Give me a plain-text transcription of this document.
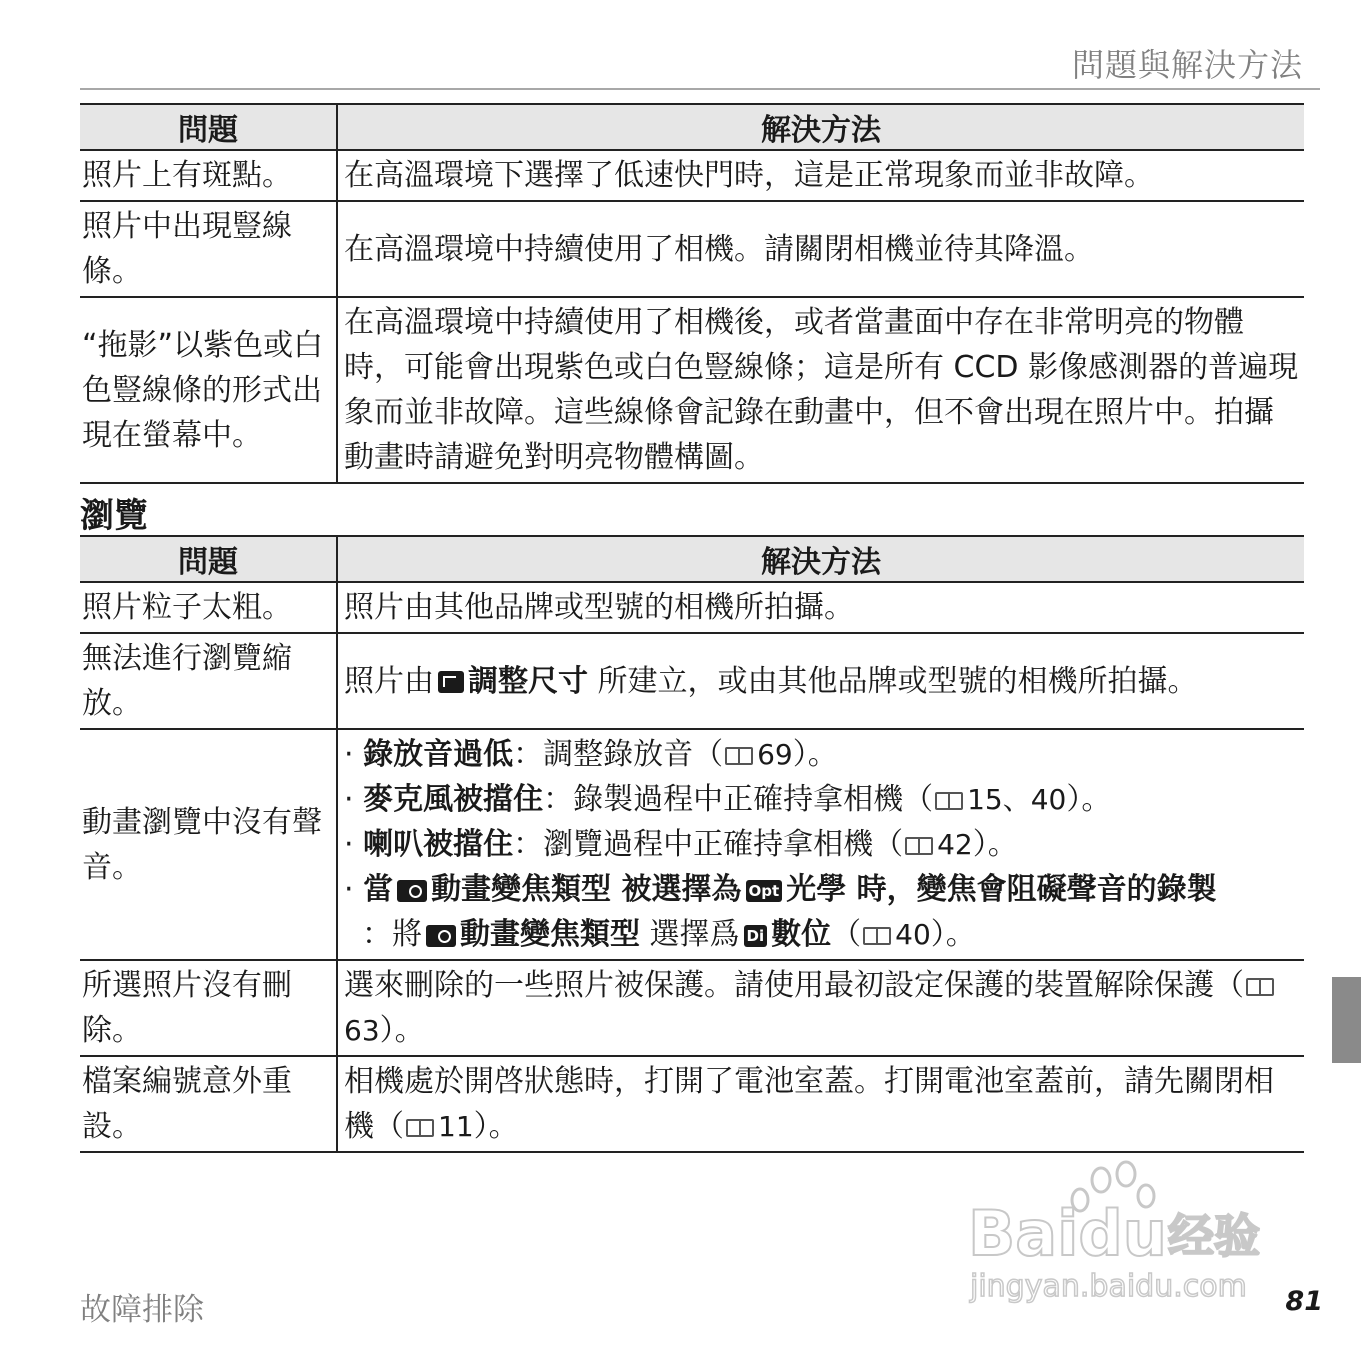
問題與解決方法
問題	解決方法
照片上有斑點。	在高溫環境下選擇了低速快門時，這是正常現象而並非故障。
照片中出現豎線條。	在高溫環境中持續使用了相機。請關閉相機並待其降溫。
“拖影”以紫色或白色豎線條的形式出現在螢幕中。	在高溫環境中持續使用了相機後，或者當畫面中存在非常明亮的物體時，可能會出現紫色或白色豎線條；這是所有 CCD 影像感測器的普遍現象而並非故障。這些線條會記錄在動畫中，但不會出現在照片中。拍攝動畫時請避免對明亮物體構圖。
瀏覽
問題	解決方法
照片粒子太粗。	照片由其他品牌或型號的相機所拍攝。
無法進行瀏覽縮放。	照片由 調整尺寸 所建立，或由其他品牌或型號的相機所拍攝。
動畫瀏覽中沒有聲音。	· 錄放音過低：調整錄放音（ 69）。
· 麥克風被擋住：錄製過程中正確持拿相機（ 15、40）。
· 喇叭被擋住：瀏覽過程中正確持拿相機（ 42）。
· 當 動畫變焦類型 被選擇為 Opt 光學 時，變焦會阻礙聲音的錄製
：將 動畫變焦類型 選擇爲 Di 數位（ 40）。

所選照片沒有刪除。	選來刪除的一些照片被保護。請使用最初設定保護的裝置解除保護（63）。
檔案編號意外重設。	相機處於開啓狀態時，打開了電池室蓋。打開電池室蓋前，請先關閉相機（ 11）。
Baidu 经验
jingyan.baidu.com
故障排除	81
